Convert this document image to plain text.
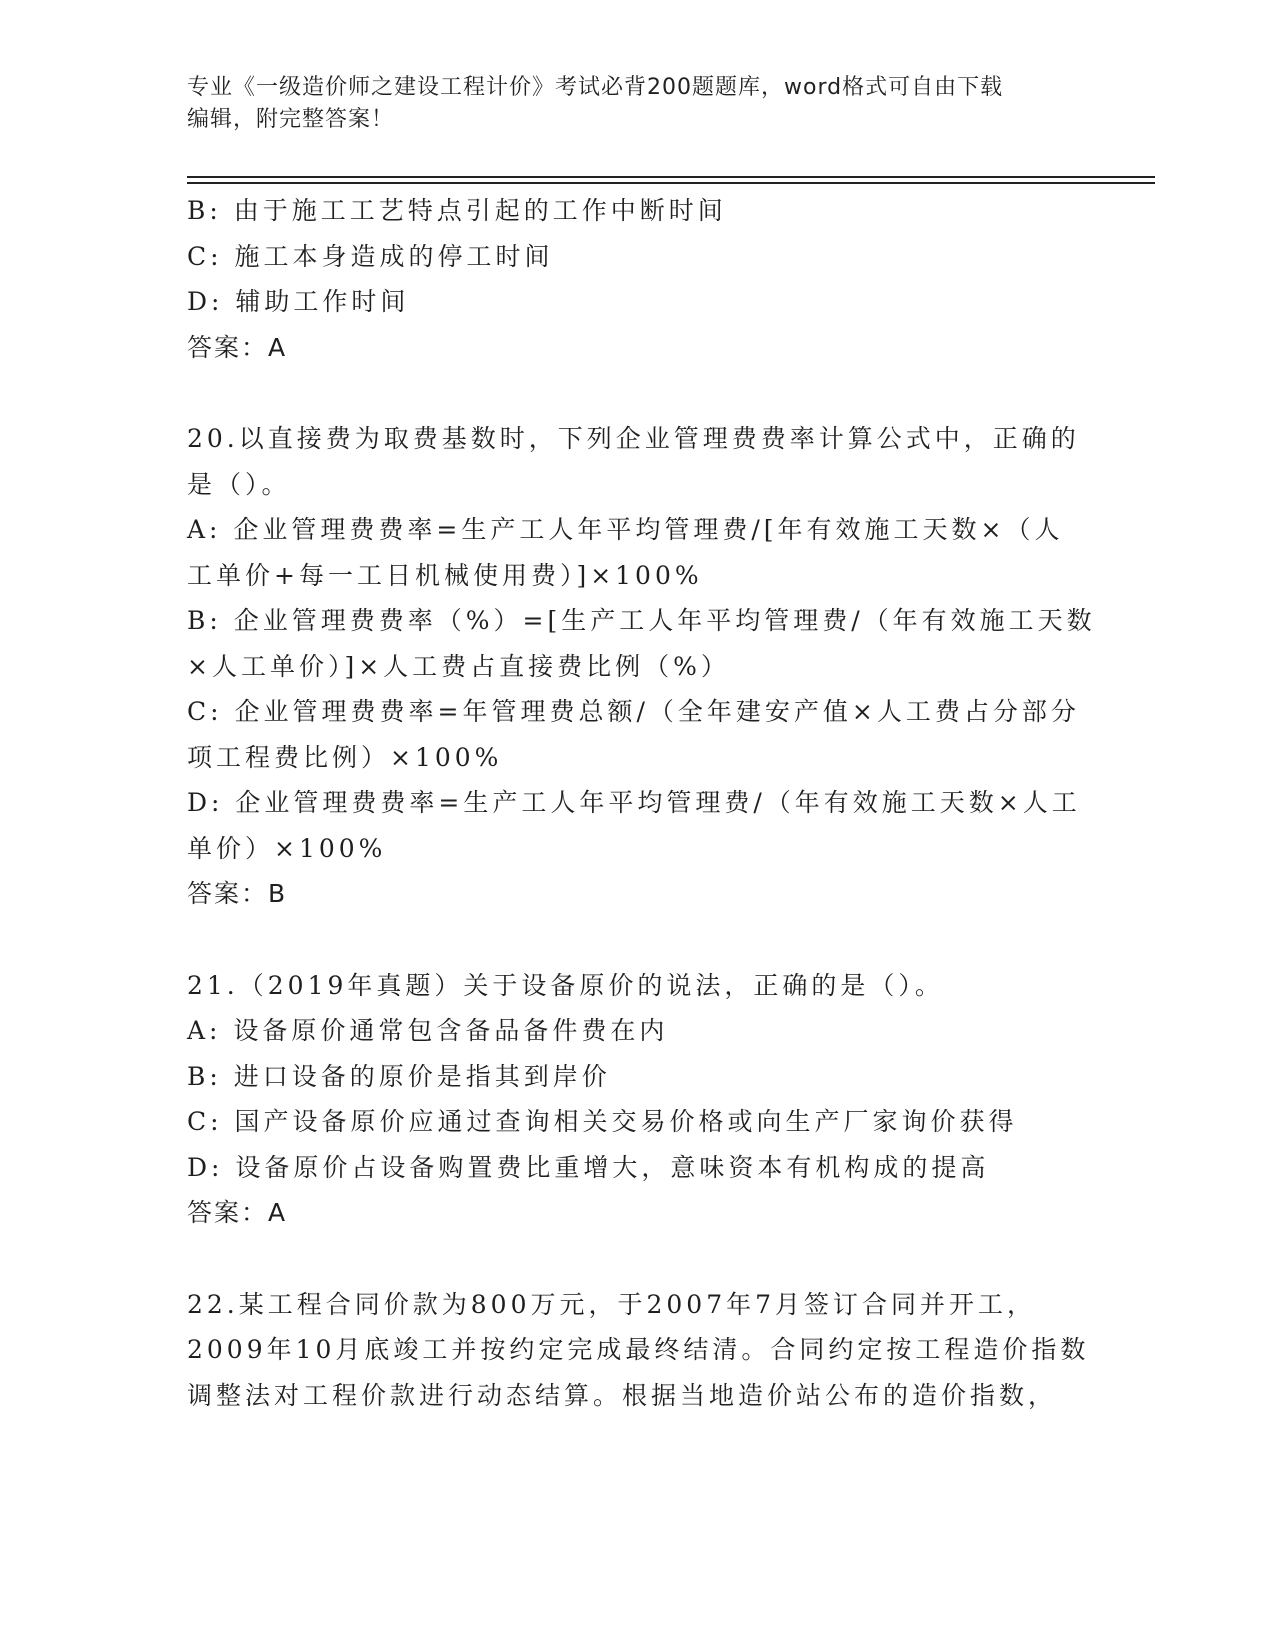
专业《一级造价师之建设工程计价》考试必背200题题库，word格式可自由下载
编辑，附完整答案！
B: 由于施工工艺特点引起的工作中断时间
C: 施工本身造成的停工时间
D: 辅助工作时间
答案：A
20.以直接费为取费基数时，下列企业管理费费率计算公式中，正确的
是（）。
A: 企业管理费费率=生产工人年平均管理费/[年有效施工天数×（人
工单价+每一工日机械使用费）]×100%
B: 企业管理费费率（%）=[生产工人年平均管理费/（年有效施工天数
×人工单价）]×人工费占直接费比例（%）
C: 企业管理费费率=年管理费总额/（全年建安产值×人工费占分部分
项工程费比例）×100%
D: 企业管理费费率=生产工人年平均管理费/（年有效施工天数×人工
单价）×100%
答案：B
21.（2019年真题）关于设备原价的说法，正确的是（）。
A: 设备原价通常包含备品备件费在内
B: 进口设备的原价是指其到岸价
C: 国产设备原价应通过查询相关交易价格或向生产厂家询价获得
D: 设备原价占设备购置费比重增大，意味资本有机构成的提高
答案：A
22.某工程合同价款为800万元，于2007年7月签订合同并开工，
2009年10月底竣工并按约定完成最终结清。合同约定按工程造价指数
调整法对工程价款进行动态结算。根据当地造价站公布的造价指数，
